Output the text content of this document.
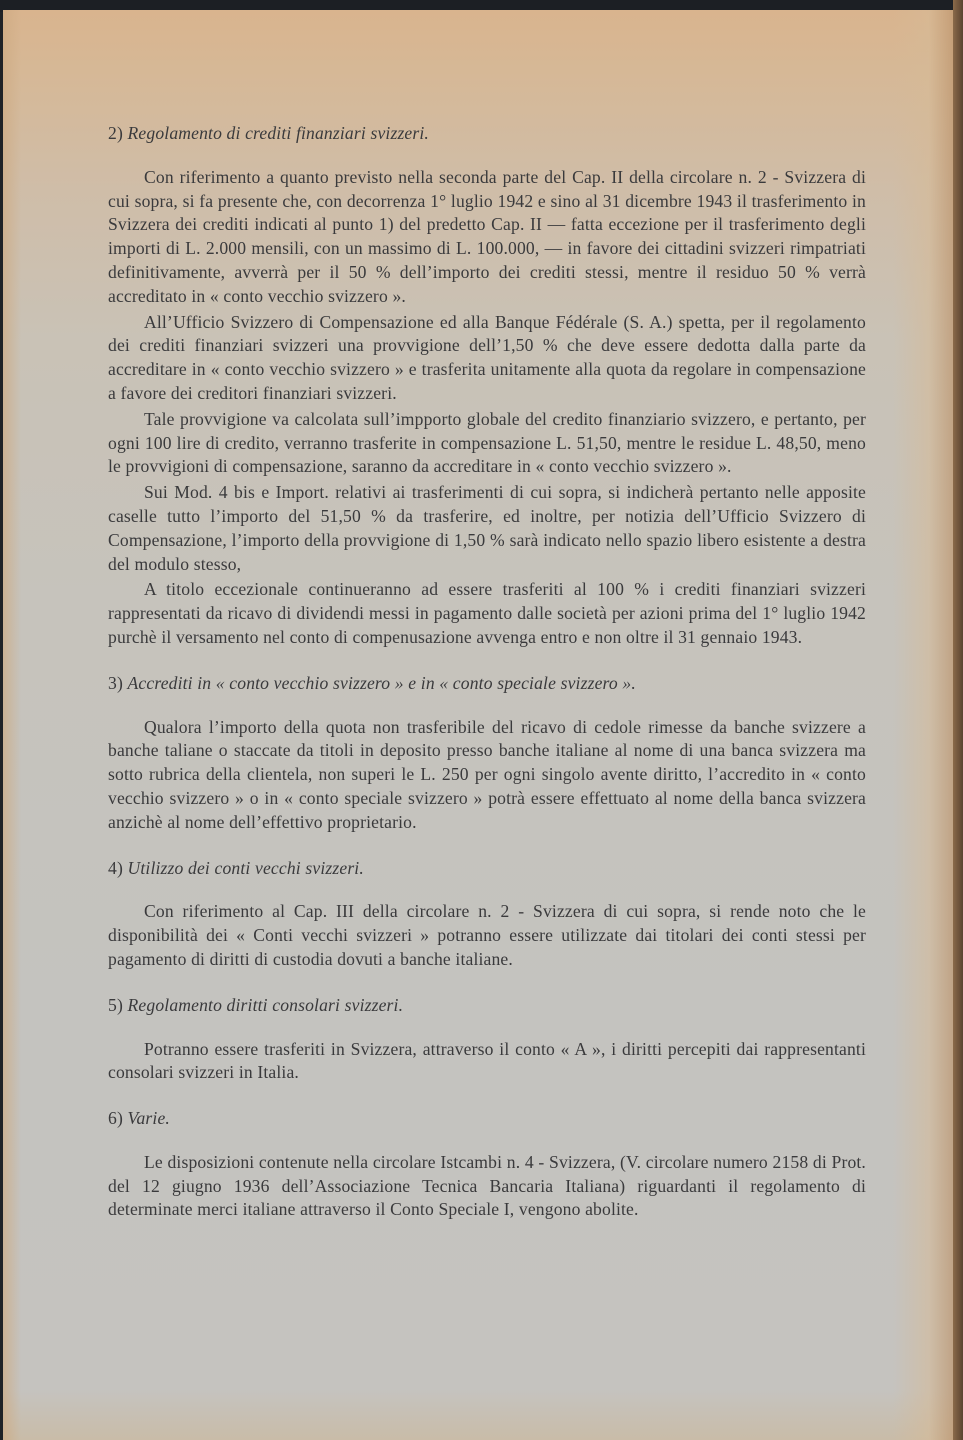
2) Regolamento di crediti finanziari svizzeri.

Con riferimento a quanto previsto nella seconda parte del Cap. II della circolare n. 2 - Svizzera di cui sopra, si fa presente che, con decorrenza 1° luglio 1942 e sino al 31 dicembre 1943 il trasferimento in Svizzera dei crediti indicati al punto 1) del predetto Cap. II — fatta eccezione per il trasferimento degli importi di L. 2.000 mensili, con un massimo di L. 100.000, — in favore dei cittadini svizzeri rimpatriati definitivamente, avverrà per il 50 % dell’importo dei crediti stessi, mentre il residuo 50 % verrà accreditato in « conto vecchio svizzero ».

All’Ufficio Svizzero di Compensazione ed alla Banque Fédérale (S. A.) spetta, per il regolamento dei crediti finanziari svizzeri una provvigione dell’1,50 % che deve essere dedotta dalla parte da accreditare in « conto vecchio svizzero » e trasferita unitamente alla quota da regolare in compensazione a favore dei creditori finanziari svizzeri.

Tale provvigione va calcolata sull’impporto globale del credito finanziario svizzero, e pertanto, per ogni 100 lire di credito, verranno trasferite in compensazione L. 51,50, mentre le residue L. 48,50, meno le provvigioni di compensazione, saranno da accreditare in « conto vecchio svizzero ».

Sui Mod. 4 bis e Import. relativi ai trasferimenti di cui sopra, si indicherà pertanto nelle apposite caselle tutto l’importo del 51,50 % da trasferire, ed inoltre, per notizia dell’Ufficio Svizzero di Compensazione, l’importo della provvigione di 1,50 % sarà indicato nello spazio libero esistente a destra del modulo stesso,

A titolo eccezionale continueranno ad essere trasferiti al 100 % i crediti finanziari svizzeri rappresentati da ricavo di dividendi messi in pagamento dalle società per azioni prima del 1° luglio 1942 purchè il versamento nel conto di compenusazione avvenga entro e non oltre il 31 gennaio 1943.

3) Accrediti in « conto vecchio svizzero » e in « conto speciale svizzero ».

Qualora l’importo della quota non trasferibile del ricavo di cedole rimesse da banche svizzere a banche taliane o staccate da titoli in deposito presso banche italiane al nome di una banca svizzera ma sotto rubrica della clientela, non superi le L. 250 per ogni singolo avente diritto, l’accredito in « conto vecchio svizzero » o in « conto speciale svizzero » potrà essere effettuato al nome della banca svizzera anzichè al nome dell’effettivo proprietario.

4) Utilizzo dei conti vecchi svizzeri.

Con riferimento al Cap. III della circolare n. 2 - Svizzera di cui sopra, si rende noto che le disponibilità dei « Conti vecchi svizzeri » potranno essere utilizzate dai titolari dei conti stessi per pagamento di diritti di custodia dovuti a banche italiane.

5) Regolamento diritti consolari svizzeri.

Potranno essere trasferiti in Svizzera, attraverso il conto « A », i diritti percepiti dai rappresentanti consolari svizzeri in Italia.

6) Varie.

Le disposizioni contenute nella circolare Istcambi n. 4 - Svizzera, (V. circolare numero 2158 di Prot. del 12 giugno 1936 dell’Associazione Tecnica Bancaria Italiana) riguardanti il regolamento di determinate merci italiane attraverso il Conto Speciale I, vengono abolite.
